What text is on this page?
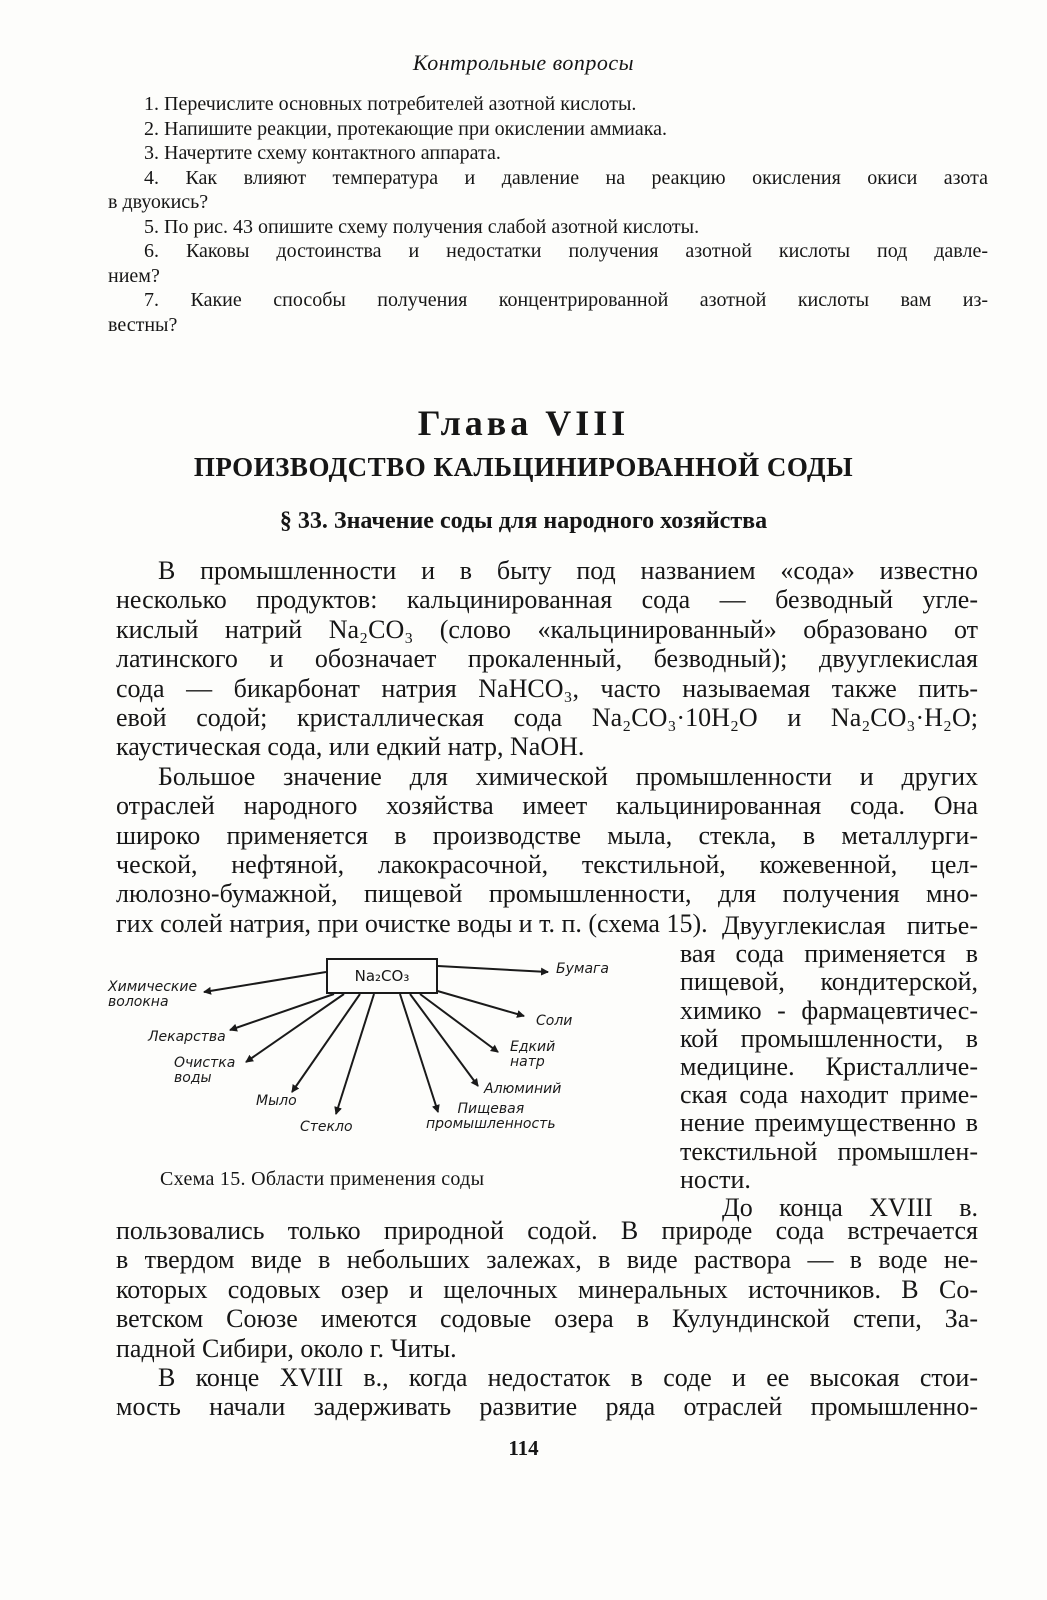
Контрольные вопросы
1. Перечислите основных потребителей азотной кислоты.
2. Напишите реакции, протекающие при окислении аммиака.
3. Начертите схему контактного аппарата.
4. Как влияют температура и давление на реакцию окисления окиси азота
в двуокись?
5. По рис. 43 опишите схему получения слабой азотной кислоты.
6. Каковы достоинства и недостатки получения азотной кислоты под давле-
нием?
7. Какие способы получения концентрированной азотной кислоты вам из-
вестны?
Глава VIII
ПРОИЗВОДСТВО КАЛЬЦИНИРОВАННОЙ СОДЫ
§ 33. Значение соды для народного хозяйства
В промышленности и в быту под названием «сода» известно
несколько продуктов: кальцинированная сода — безводный угле-
кислый натрий Na₂CO₃ (слово «кальцинированный» образовано от
латинского и обозначает прокаленный, безводный); двууглекислая
сода — бикарбонат натрия NaHCO₃, часто называемая также пить-
евой содой; кристаллическая сода Na₂CO₃·10H₂O и Na₂CO₃·H₂O;
каустическая сода, или едкий натр, NaOH.
Большое значение для химической промышленности и других
отраслей народного хозяйства имеет кальцинированная сода. Она
широко применяется в производстве мыла, стекла, в металлурги-
ческой, нефтяной, лакокрасочной, текстильной, кожевенной, цел-
люлозно-бумажной, пищевой промышленности, для получения мно-
гих солей натрия, при очистке воды и т. п. (схема 15). Двууглекислая питье-
вая сода применяется в
пищевой, кондитерской,
химико - фармацевтичес-
кой промышленности, в
медицине. Кристалличе-
ская сода находит приме-
нение преимущественно в
текстильной промышлен-
ности.
До конца XVIII в.
Na₂CO₃
Химические
волокна
Лекарства
Очистка
воды
Мыло
Стекло
Пищевая
промышленность
Алюминий
Едкий
натр
Соли
Бумага
Схема 15. Области применения соды
пользовались только природной содой. В природе сода встречается
в твердом виде в небольших залежах, в виде раствора — в воде не-
которых содовых озер и щелочных минеральных источников. В Со-
ветском Союзе имеются содовые озера в Кулундинской степи, За-
падной Сибири, около г. Читы.
В конце XVIII в., когда недостаток в соде и ее высокая стои-
мость начали задерживать развитие ряда отраслей промышленно-
114
